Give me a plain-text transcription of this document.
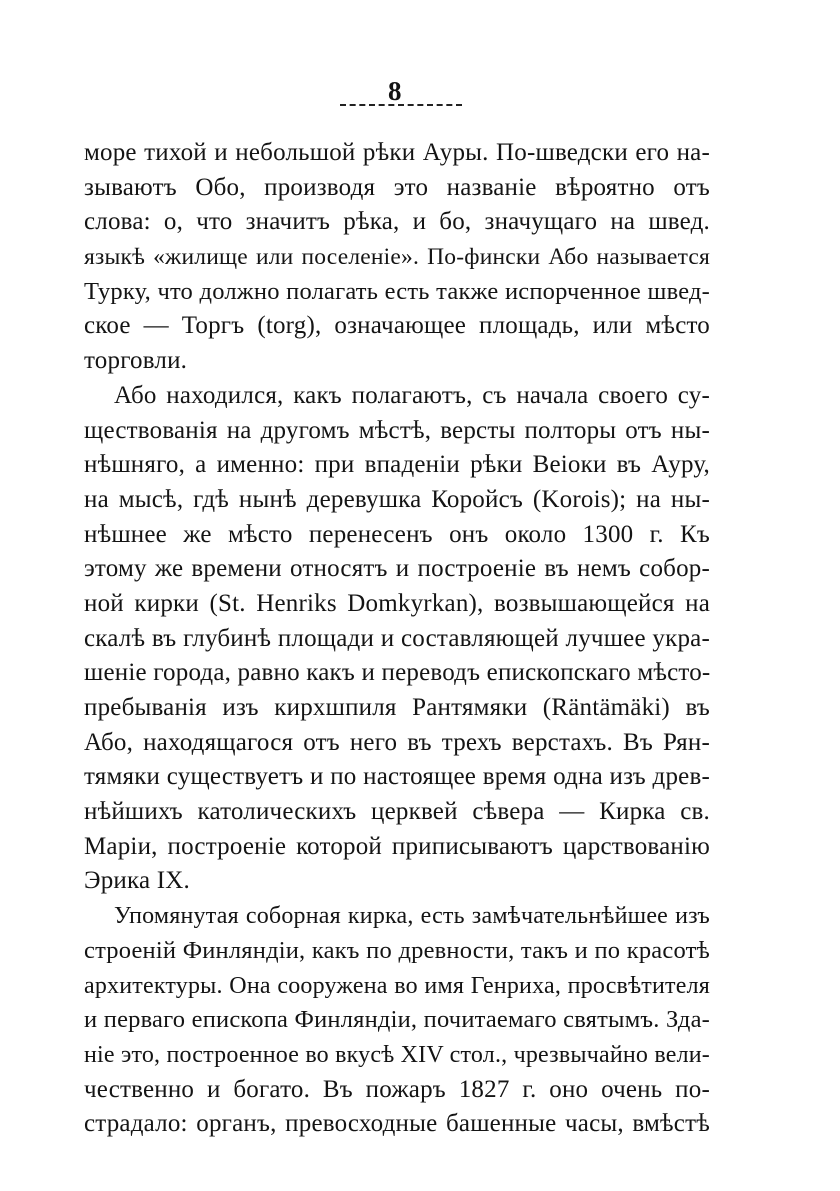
8
море тихой и небольшой рѣки Ауры. По-шведски его на-
зываютъ Обо, производя это названіе вѣроятно отъ
слова: о, что значитъ рѣка, и бо, значущаго на швед.
языкѣ «жилище или поселеніе». По-фински Або называется
Турку, что должно полагать есть также испорченное швед-
ское — Торгъ (torg), означающее площадь, или мѣсто
торговли.
Або находился, какъ полагаютъ, съ начала своего су-
ществованія на другомъ мѣстѣ, версты полторы отъ ны-
нѣшняго, а именно: при впаденіи рѣки Веіоки въ Ауру,
на мысѣ, гдѣ нынѣ деревушка Коройсъ (Korois); на ны-
нѣшнее же мѣсто перенесенъ онъ около 1300 г. Къ
этому же времени относятъ и построеніе въ немъ собор-
ной кирки (St. Henriks Domkyrkan), возвышающейся на
скалѣ въ глубинѣ площади и составляющей лучшее укра-
шеніе города, равно какъ и переводъ епископскаго мѣсто-
пребыванія изъ кирхшпиля Рантямяки (Räntämäki) въ
Або, находящагося отъ него въ трехъ верстахъ. Въ Рян-
тямяки существуетъ и по настоящее время одна изъ древ-
нѣйшихъ католическихъ церквей сѣвера — Кирка св.
Маріи, построеніе которой приписываютъ царствованію
Эрика IX.
Упомянутая соборная кирка, есть замѣчательнѣйшее изъ
строеній Финляндіи, какъ по древности, такъ и по красотѣ
архитектуры. Она сооружена во имя Генриха, просвѣтителя
и перваго епископа Финляндіи, почитаемаго святымъ. Зда-
ніе это, построенное во вкусѣ XIV стол., чрезвычайно вели-
чественно и богато. Въ пожаръ 1827 г. оно очень по-
страдало: органъ, превосходные башенные часы, вмѣстѣ
